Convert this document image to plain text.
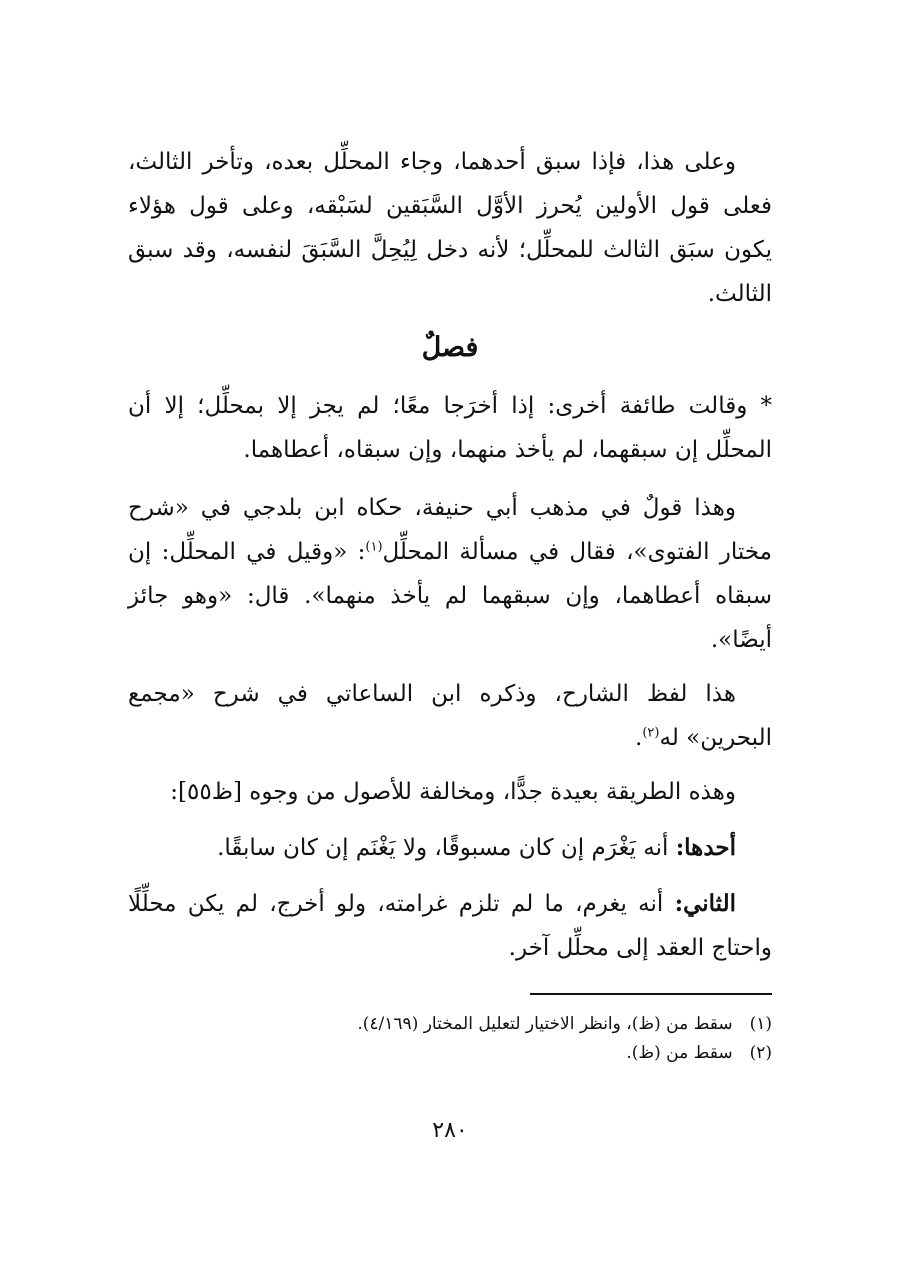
وعلى هذا، فإذا سبق أحدهما، وجاء المحلِّل بعده، وتأخر الثالث، فعلى قول الأولين يُحرز الأوَّل السَّبَقين لسَبْقه، وعلى قول هؤلاء يكون سبَق الثالث للمحلِّل؛ لأنه دخل لِيُحِلَّ السَّبَقَ لنفسه، وقد سبق الثالث.

فصلٌ

* وقالت طائفة أخرى: إذا أخرَجا معًا؛ لم يجز إلا بمحلِّل؛ إلا أن المحلِّل إن سبقهما، لم يأخذ منهما، وإن سبقاه، أعطاهما.

وهذا قولٌ في مذهب أبي حنيفة، حكاه ابن بلدجي في «شرح مختار الفتوى»، فقال في مسألة المحلِّل$^{(١)}$: «وقيل في المحلِّل: إن سبقاه أعطاهما، وإن سبقهما لم يأخذ منهما». قال: «وهو جائز أيضًا».

هذا لفظ الشارح، وذكره ابن الساعاتي في شرح «مجمع البحرين» له$^{(٢)}$.

وهذه الطريقة بعيدة جدًّا، ومخالفة للأصول من وجوه [ظ٥٥]:

أحدها: أنه يَغْرَم إن كان مسبوقًا، ولا يَغْنَم إن كان سابقًا.

الثاني: أنه يغرم، ما لم تلزم غرامته، ولو أخرج، لم يكن محلِّلًا واحتاج العقد إلى محلِّل آخر.

(١) سقط من (ظ)، وانظر الاختيار لتعليل المختار (٤/١٦٩).
(٢) سقط من (ظ).
٢٨٠
